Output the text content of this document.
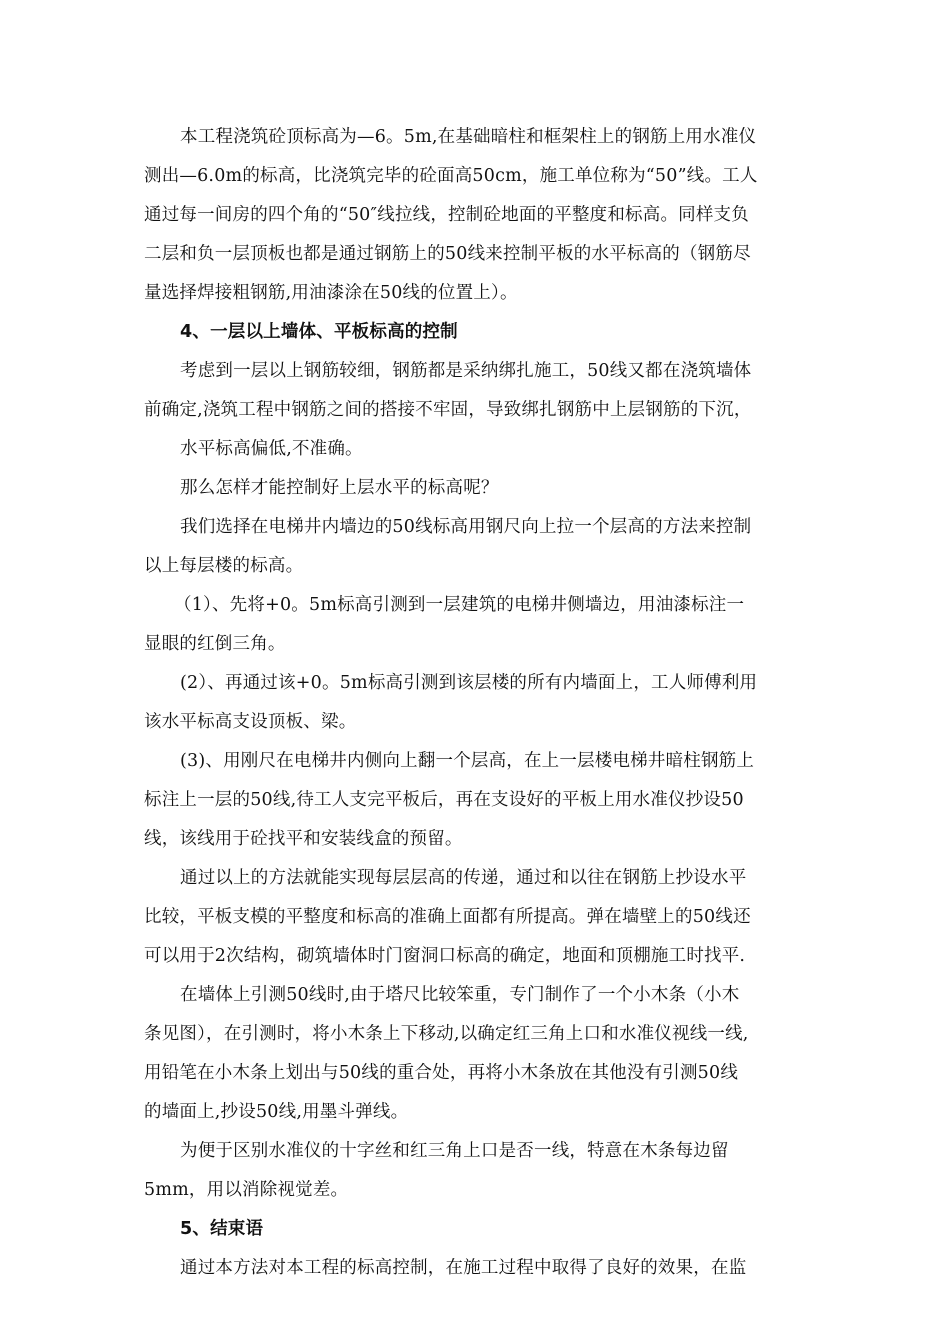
本工程浇筑砼顶标高为—6。5m,在基础暗柱和框架柱上的钢筋上用水准仪
测出—6.0m的标高，比浇筑完毕的砼面高50cm，施工单位称为“50”线。工人
通过每一间房的四个角的“50″线拉线，控制砼地面的平整度和标高。同样支负
二层和负一层顶板也都是通过钢筋上的50线来控制平板的水平标高的（钢筋尽
量选择焊接粗钢筋,用油漆涂在50线的位置上）。
4、一层以上墙体、平板标高的控制
考虑到一层以上钢筋较细，钢筋都是采纳绑扎施工，50线又都在浇筑墙体
前确定,浇筑工程中钢筋之间的搭接不牢固，导致绑扎钢筋中上层钢筋的下沉，
水平标高偏低,不准确。
那么怎样才能控制好上层水平的标高呢？
我们选择在电梯井内墙边的50线标高用钢尺向上拉一个层高的方法来控制
以上每层楼的标高。
（1）、先将+0。5m标高引测到一层建筑的电梯井侧墙边，用油漆标注一
显眼的红倒三角。
(2）、再通过该+0。5m标高引测到该层楼的所有内墙面上，工人师傅利用
该水平标高支设顶板、梁。
(3)、用刚尺在电梯井内侧向上翻一个层高，在上一层楼电梯井暗柱钢筋上
标注上一层的50线,待工人支完平板后，再在支设好的平板上用水准仪抄设50
线，该线用于砼找平和安装线盒的预留。
通过以上的方法就能实现每层层高的传递，通过和以往在钢筋上抄设水平
比较，平板支模的平整度和标高的准确上面都有所提高。弹在墙壁上的50线还
可以用于2次结构，砌筑墙体时门窗洞口标高的确定，地面和顶棚施工时找平.
在墙体上引测50线时,由于塔尺比较笨重，专门制作了一个小木条（小木
条见图），在引测时，将小木条上下移动,以确定红三角上口和水准仪视线一线,
用铅笔在小木条上划出与50线的重合处，再将小木条放在其他没有引测50线
的墙面上,抄设50线,用墨斗弹线。
为便于区别水准仪的十字丝和红三角上口是否一线，特意在木条每边留
5mm，用以消除视觉差。
5、结束语
通过本方法对本工程的标高控制，在施工过程中取得了良好的效果，在监
